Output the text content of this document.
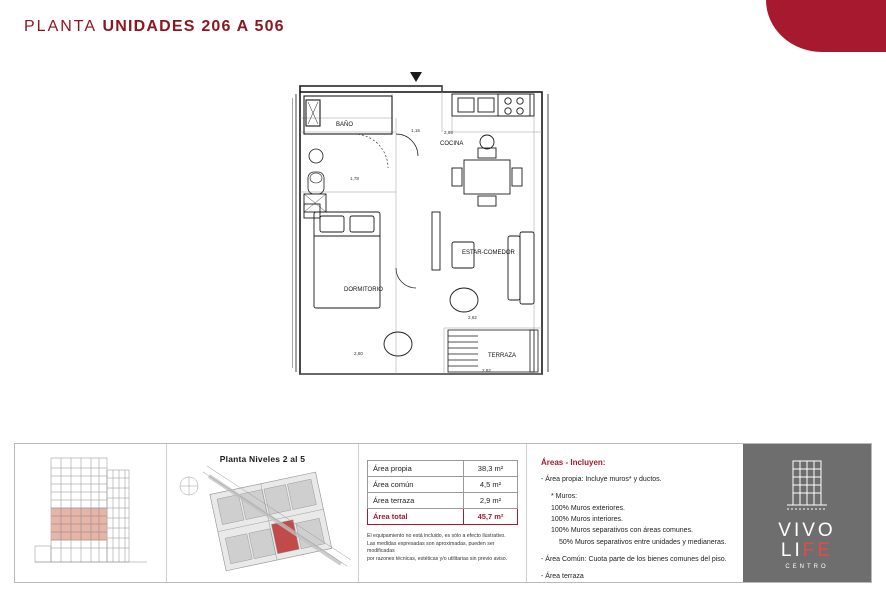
PLANTA UNIDADES 206 A 506
BAÑO
COCINA
ESTAR-COMEDOR
DORMITORIO
TERRAZA
2,95
1,78
2,80
2,82
2,82
1,15
Planta Niveles 2 al 5
Área propia	38,3 m²
Área común	4,5 m²
Área terraza	2,9 m²
Área total	45,7 m²
El equipamiento no está incluido, es sólo a efecto ilustrativo.
Las medidas expresadas son aproximadas, pueden ser modificadas
por razones técnicas, estéticas y/o utilitarias sin previo aviso.
Áreas - Incluyen:
- Área propia: Incluye muros* y ductos.
* Muros:
100% Muros exteriores.
100% Muros interiores.
100% Muros separativos con áreas comunes.
50% Muros separativos entre unidades y medianeras.
- Área Común: Cuota parte de los bienes comunes del piso.
- Área terraza
VIVO
LIFE
CENTRO
